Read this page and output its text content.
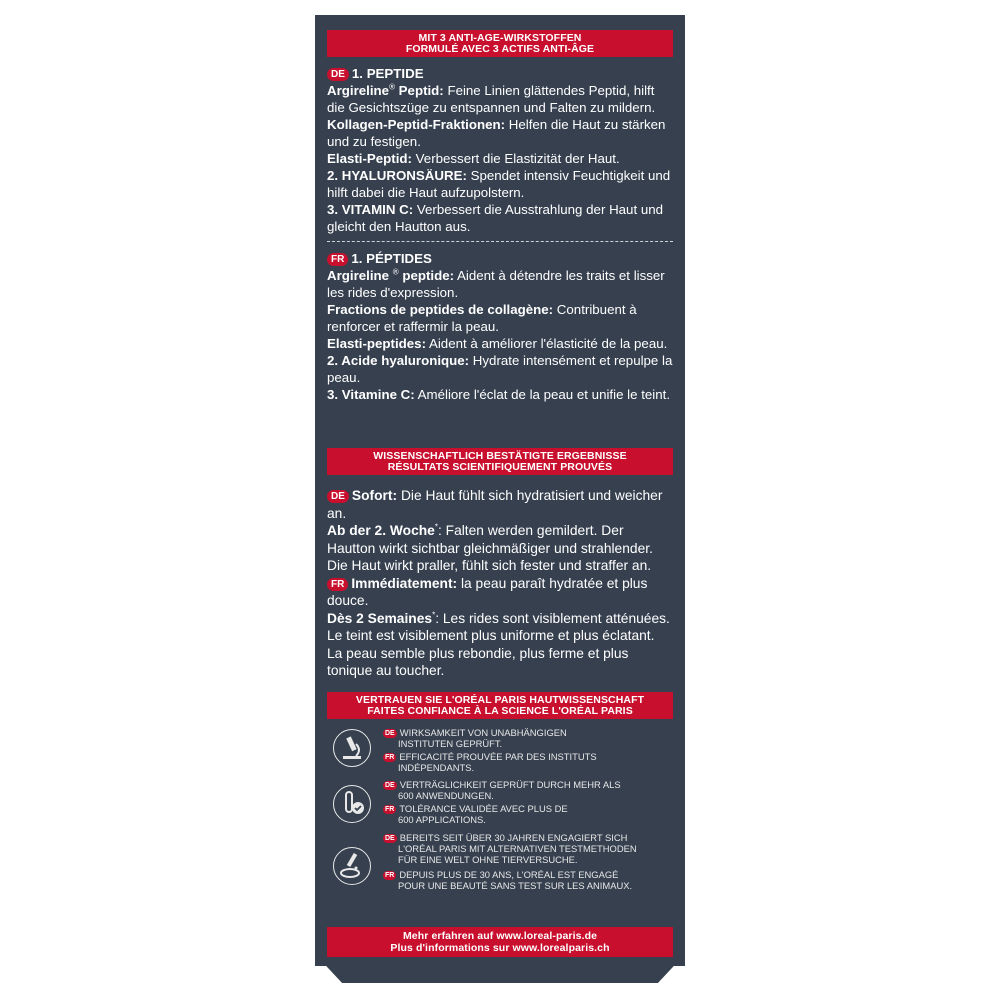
MIT 3 ANTI-AGE-WIRKSTOFFEN
FORMULÉ AVEC 3 ACTIFS ANTI-ÂGE

DE 1. PEPTIDE

Argireline® Peptid: Feine Linien glättendes Peptid, hilft die Gesichtszüge zu entspannen und Falten zu mildern.

Kollagen-Peptid-Fraktionen: Helfen die Haut zu stärken und zu festigen.

Elasti-Peptid: Verbessert die Elastizität der Haut.

2. HYALURONSÄURE: Spendet intensiv Feuchtigkeit und hilft dabei die Haut aufzupolstern.

3. VITAMIN C: Verbessert die Ausstrahlung der Haut und gleicht den Hautton aus.

FR 1. PÉPTIDES

Argireline ® peptide: Aident à détendre les traits et lisser les rides d'expression.

Fractions de peptides de collagène: Contribuent à renforcer et raffermir la peau.

Elasti-peptides: Aident à améliorer l'élasticité de la peau.

2. Acide hyaluronique: Hydrate intensément et repulpe la peau.

3. Vitamine C: Améliore l'éclat de la peau et unifie le teint.

WISSENSCHAFTLICH BESTÄTIGTE ERGEBNISSE
RÉSULTATS SCIENTIFIQUEMENT PROUVÉS

DE Sofort: Die Haut fühlt sich hydratisiert und weicher an.

Ab der 2. Woche*: Falten werden gemildert. Der Hautton wirkt sichtbar gleichmäßiger und strahlender. Die Haut wirkt praller, fühlt sich fester und straffer an.

FR Immédiatement: la peau paraît hydratée et plus douce.

Dès 2 Semaines*: Les rides sont visiblement atténuées. Le teint est visiblement plus uniforme et plus éclatant. La peau semble plus rebondie, plus ferme et plus tonique au toucher.

VERTRAUEN SIE L'ORÉAL PARIS HAUTWISSENSCHAFT
FAITES CONFIANCE À LA SCIENCE L'ORÉAL PARIS

DE WIRKSAMKEIT VON UNABHÄNGIGEN
INSTITUTEN GEPRÜFT.

FR EFFICACITÉ PROUVÉE PAR DES INSTITUTS
INDÉPENDANTS.

DE VERTRÄGLICHKEIT GEPRÜFT DURCH MEHR ALS
600 ANWENDUNGEN.

FR TOLÉRANCE VALIDÉE AVEC PLUS DE
600 APPLICATIONS.

DE BEREITS SEIT ÜBER 30 JAHREN ENGAGIERT SICH
L'ORÉAL PARIS MIT ALTERNATIVEN TESTMETHODEN
FÜR EINE WELT OHNE TIERVERSUCHE.

FR DEPUIS PLUS DE 30 ANS, L'ORÉAL EST ENGAGÉ
POUR UNE BEAUTÉ SANS TEST SUR LES ANIMAUX.

Mehr erfahren auf www.loreal-paris.de
Plus d'informations sur www.lorealparis.ch
